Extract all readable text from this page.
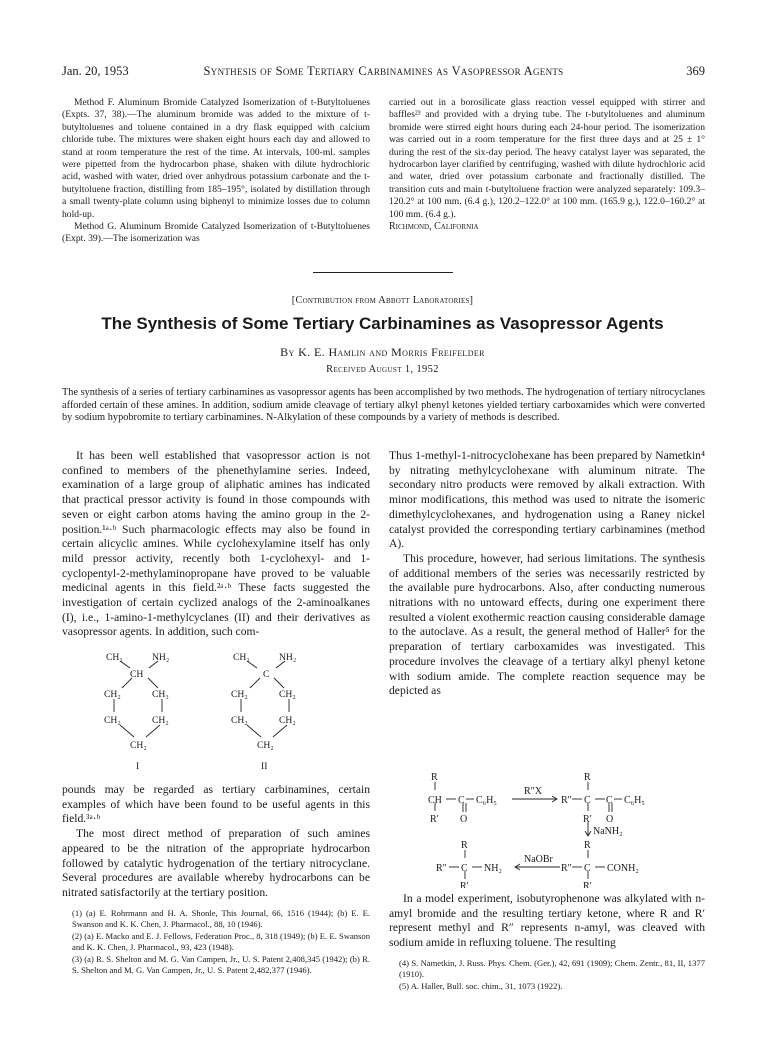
Jan. 20, 1953	Synthesis of Some Tertiary Carbinamines as Vasopressor Agents	369

Method F. Aluminum Bromide Catalyzed Isomerization of t-Butyltoluenes (Expts. 37, 38).—The aluminum bromide was added to the mixture of t-butyltoluenes and toluene contained in a dry flask equipped with calcium chloride tube. The mixtures were shaken eight hours each day and allowed to stand at room temperature the rest of the time. At intervals, 100-ml. samples were pipetted from the hydrocarbon phase, shaken with dilute hydrochloric acid, washed with water, dried over anhydrous potassium carbonate and the t-butyltoluene fraction, distilling from 185–195°, isolated by distillation through a small twenty-plate column using biphenyl to minimize losses due to column hold-up.

Method G. Aluminum Bromide Catalyzed Isomerization of t-Butyltoluenes (Expt. 39).—The isomerization was

carried out in a borosilicate glass reaction vessel equipped with stirrer and baffles²³ and provided with a drying tube. The t-butyltoluenes and aluminum bromide were stirred eight hours during each 24-hour period. The isomerization was carried out in a room temperature for the first three days and at 25 ± 1° during the rest of the six-day period. The heavy catalyst layer was separated, the hydrocarbon layer clarified by centrifuging, washed with dilute hydrochloric acid and water, dried over potassium carbonate and fractionally distilled. The transition cuts and main t-butyltoluene fraction were analyzed separately: 109.3–120.2° at 100 mm. (6.4 g.), 120.2–122.0° at 100 mm. (165.9 g.), 122.0–160.2° at 100 mm. (6.4 g.).

Richmond, California

[Contribution from Abbott Laboratories]
The Synthesis of Some Tertiary Carbinamines as Vasopressor Agents
By K. E. Hamlin and Morris Freifelder
Received August 1, 1952
The synthesis of a series of tertiary carbinamines as vasopressor agents has been accomplished by two methods. The hydrogenation of tertiary nitrocyclanes afforded certain of these amines. In addition, sodium amide cleavage of tertiary alkyl phenyl ketones yielded tertiary carboxamides which were converted by sodium hypobromite to tertiary carbinamines. N-Alkylation of these compounds by a variety of methods is described.

It has been well established that vasopressor action is not confined to members of the phenethylamine series. Indeed, examination of a large group of aliphatic amines has indicated that practical pressor activity is found in those compounds with seven or eight carbon atoms having the amino group in the 2-position.¹ᵃ·ᵇ Such pharmacologic effects may also be found in certain alicyclic amines. While cyclohexylamine itself has only mild pressor activity, recently both 1-cyclohexyl- and 1-cyclopentyl-2-methylaminopropane have proved to be valuable medicinal agents in this field.²ᵃ·ᵇ These facts suggested the investigation of certain cyclized analogs of the 2-aminoalkanes (I), i.e., 1-amino-1-methylcyclanes (II) and their derivatives as vasopressor agents. In addition, such com-

CH₃	NH₂
CH
CH₂	CH₃
CH₂	CH₂
CH₂
I
CH₃	NH₂
C
CH₂	CH₂
CH₂	CH₂
CH₂
II

pounds may be regarded as tertiary carbinamines, certain examples of which have been found to be useful agents in this field.³ᵃ·ᵇ

The most direct method of preparation of such amines appeared to be the nitration of the appropriate hydrocarbon followed by catalytic hydrogenation of the tertiary nitrocyclane. Several procedures are available whereby hydrocarbons can be nitrated satisfactorily at the tertiary position.

(1) (a) E. Rohrmann and H. A. Shonle, This Journal, 66, 1516 (1944); (b) E. E. Swanson and K. K. Chen, J. Pharmacol., 88, 10 (1946).

(2) (a) E. Macko and E. J. Fellows, Federation Proc., 8, 318 (1949); (b) E. E. Swanson and K. K. Chen, J. Pharmacol., 93, 423 (1948).

(3) (a) R. S. Shelton and M. G. Van Campen, Jr., U. S. Patent 2,408,345 (1942); (b) R. S. Shelton and M. G. Van Campen, Jr., U. S. Patent 2,482,377 (1946).

Thus 1-methyl-1-nitrocyclohexane has been prepared by Nametkin⁴ by nitrating methylcyclohexane with aluminum nitrate. The secondary nitro products were removed by alkali extraction. With minor modifications, this method was used to nitrate the isomeric dimethylcyclohexanes, and hydrogenation using a Raney nickel catalyst provided the corresponding tertiary carbinamines (method A).

This procedure, however, had serious limitations. The synthesis of additional members of the series was necessarily restricted by the available pure hydrocarbons. Also, after conducting numerous nitrations with no untoward effects, during one experiment there resulted a violent exothermic reaction causing considerable damage to the autoclave. As a result, the general method of Haller⁵ for the preparation of tertiary carboxamides was investigated. This procedure involves the cleavage of a tertiary alkyl phenyl ketone with sodium amide. The complete reaction sequence may be depicted as

R
CH C C₆H₅
R′ O
R″X
R
R″ C C C₆H₅
R′ O
NaNH₂
R
R″ C CONH₂
R′
NaOBr
R
R″ C NH₂
R′

In a model experiment, isobutyrophenone was alkylated with n-amyl bromide and the resulting tertiary ketone, where R and R′ represent methyl and R″ represents n-amyl, was cleaved with sodium amide in refluxing toluene. The resulting

(4) S. Nametkin, J. Russ. Phys. Chem. (Ger.), 42, 691 (1909); Chem. Zentr., 81, II, 1377 (1910).

(5) A. Haller, Bull. soc. chim., 31, 1073 (1922).
